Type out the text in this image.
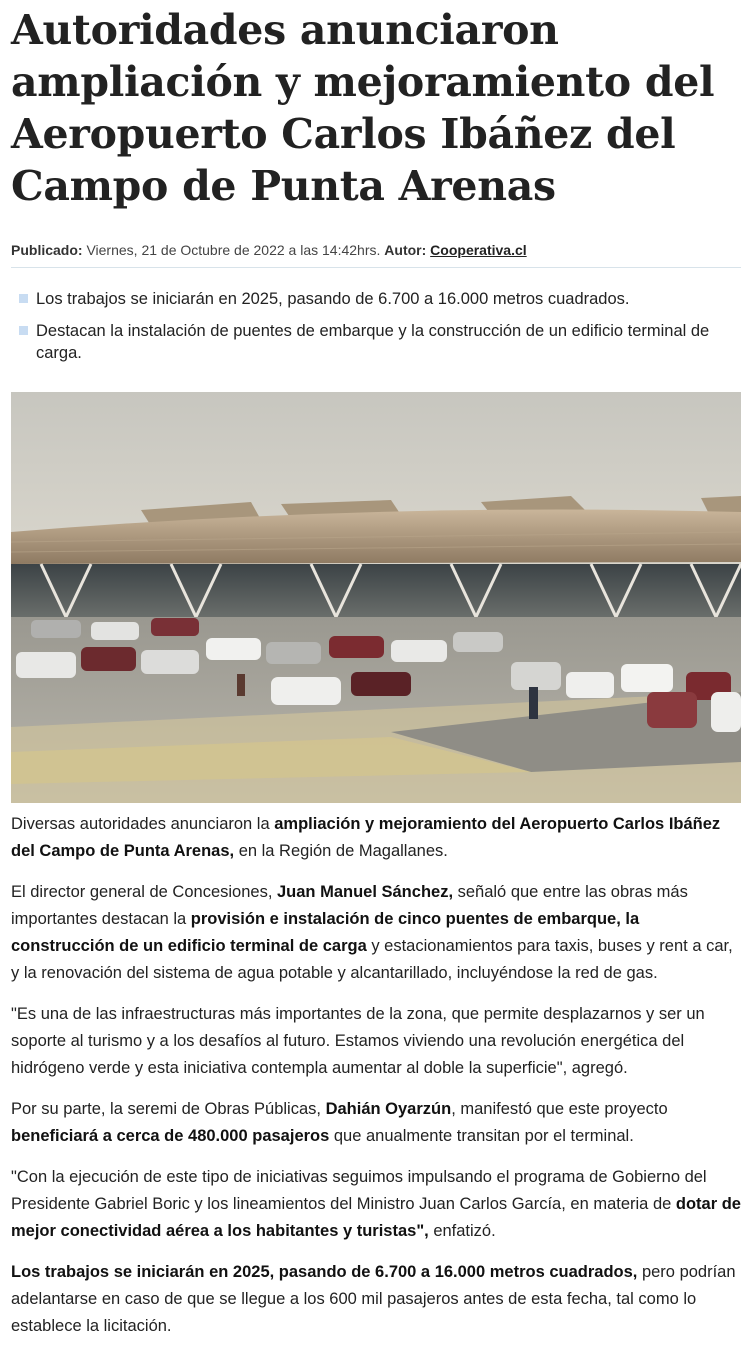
Autoridades anunciaron ampliación y mejoramiento del Aeropuerto Carlos Ibáñez del Campo de Punta Arenas
Publicado: Viernes, 21 de Octubre de 2022 a las 14:42hrs. Autor: Cooperativa.cl
Los trabajos se iniciarán en 2025, pasando de 6.700 a 16.000 metros cuadrados.
Destacan la instalación de puentes de embarque y la construcción de un edificio terminal de carga.

Diversas autoridades anunciaron la ampliación y mejoramiento del Aeropuerto Carlos Ibáñez del Campo de Punta Arenas, en la Región de Magallanes.

El director general de Concesiones, Juan Manuel Sánchez, señaló que entre las obras más importantes destacan la provisión e instalación de cinco puentes de embarque, la construcción de un edificio terminal de carga y estacionamientos para taxis, buses y rent a car, y la renovación del sistema de agua potable y alcantarillado, incluyéndose la red de gas.

"Es una de las infraestructuras más importantes de la zona, que permite desplazarnos y ser un soporte al turismo y a los desafíos al futuro. Estamos viviendo una revolución energética del hidrógeno verde y esta iniciativa contempla aumentar al doble la superficie", agregó.

Por su parte, la seremi de Obras Públicas, Dahián Oyarzún, manifestó que este proyecto beneficiará a cerca de 480.000 pasajeros que anualmente transitan por el terminal.

"Con la ejecución de este tipo de iniciativas seguimos impulsando el programa de Gobierno del Presidente Gabriel Boric y los lineamientos del Ministro Juan Carlos García, en materia de dotar de mejor conectividad aérea a los habitantes y turistas", enfatizó.

Los trabajos se iniciarán en 2025, pasando de 6.700 a 16.000 metros cuadrados, pero podrían adelantarse en caso de que se llegue a los 600 mil pasajeros antes de esta fecha, tal como lo establece la licitación.
